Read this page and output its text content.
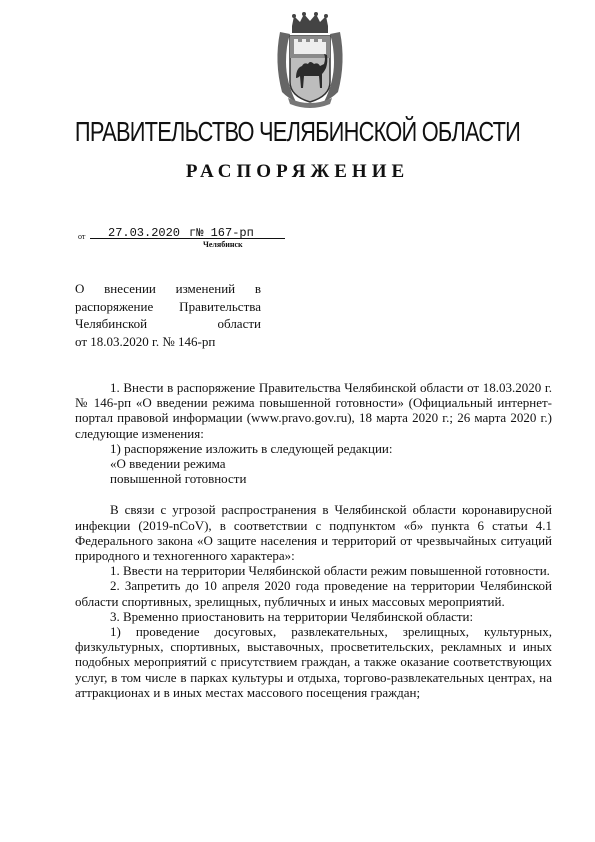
ПРАВИТЕЛЬСТВО ЧЕЛЯБИНСКОЙ ОБЛАСТИ
РАСПОРЯЖЕНИЕ
от 27.03.2020 г№ 167-рп
Челябинск
О внесении изменений в
распоряжение Правительства
Челябинской области
от 18.03.2020 г. № 146-рп

1. Внести в распоряжение Правительства Челябинской области от 18.03.2020 г. № 146-рп «О введении режима повышенной готовности» (Официальный интернет-портал правовой информации (www.pravo.gov.ru), 18 марта 2020 г.; 26 марта 2020 г.) следующие изменения:

1) распоряжение изложить в следующей редакции:

«О введении режима

повышенной готовности

В связи с угрозой распространения в Челябинской области коронавирусной инфекции (2019-nCoV), в соответствии с подпунктом «б» пункта 6 статьи 4.1 Федерального закона «О защите населения и территорий от чрезвычайных ситуаций природного и техногенного характера»:

1. Ввести на территории Челябинской области режим повышенной готовности.

2. Запретить до 10 апреля 2020 года проведение на территории Челябинской области спортивных, зрелищных, публичных и иных массовых мероприятий.

3. Временно приостановить на территории Челябинской области:

1) проведение досуговых, развлекательных, зрелищных, культурных, физкультурных, спортивных, выставочных, просветительских, рекламных и иных подобных мероприятий с присутствием граждан, а также оказание соответствующих услуг, в том числе в парках культуры и отдыха, торгово-развлекательных центрах, на аттракционах и в иных местах массового посещения граждан;
